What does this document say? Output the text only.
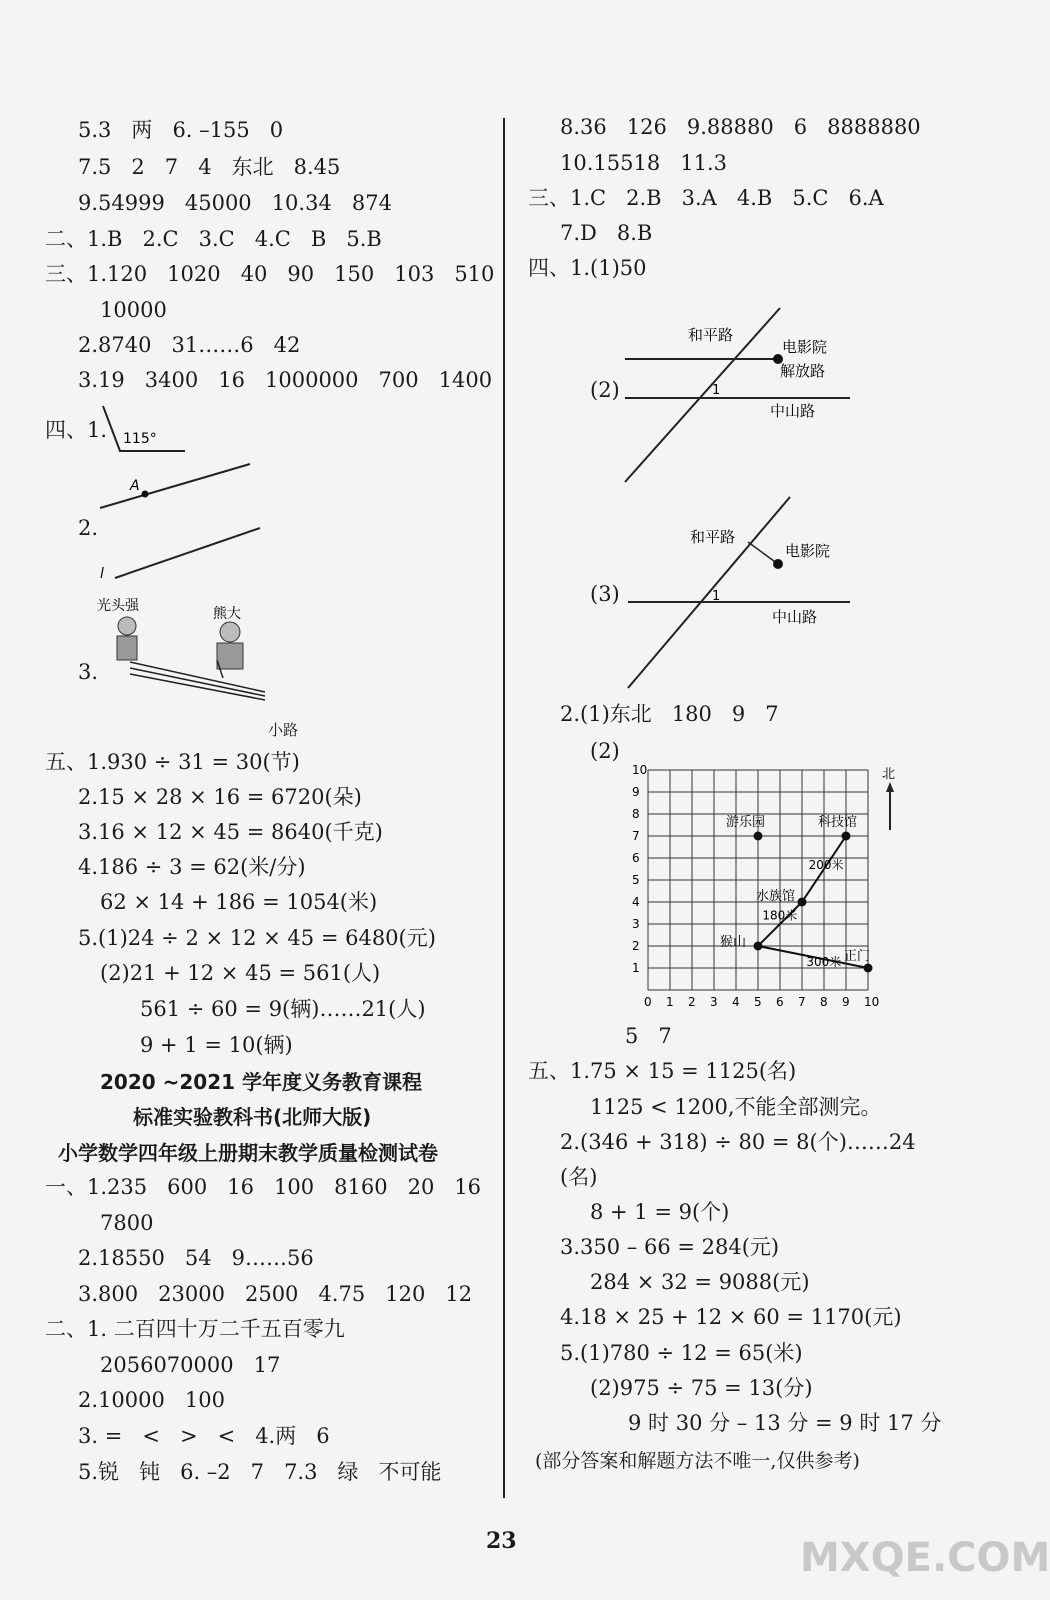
5.3   两   6. –155   0
7.5   2   7   4   东北   8.45
9.54999   45000   10.34   874
二、1.B   2.C   3.C   4.C   B   5.B
三、1.120   1020   40   90   150   103   510
10000
2.8740   31……6   42
3.19   3400   16   1000000   700   1400
四、1. 115°
A
l
光头强	熊大
2.
3.
小路
五、1.930 ÷ 31 = 30(节)
2.15 × 28 × 16 = 6720(朵)
3.16 × 12 × 45 = 8640(千克)
4.186 ÷ 3 = 62(米/分)
62 × 14 + 186 = 1054(米)
5.(1)24 ÷ 2 × 12 × 45 = 6480(元)
(2)21 + 12 × 45 = 561(人)
561 ÷ 60 = 9(辆)……21(人)
9 + 1 = 10(辆)
2020 ~2021 学年度义务教育课程
标准实验教科书(北师大版)
小学数学四年级上册期末教学质量检测试卷
一、1.235   600   16   100   8160   20   16
7800
2.18550   54   9……56
3.800   23000   2500   4.75   120   12
二、1. 二百四十万二千五百零九
2056070000   17
2.10000   100
3. =   <   >   <   4.两   6
5.锐   钝   6. –2   7   7.3   绿   不可能
8.36   126   9.88880   6   8888880
10.15518   11.3
三、1.C   2.B   3.A   4.B   5.C   6.A
7.D   8.B
四、1.(1)50
(2)
和平路
电影院
解放路
中山路
1
(3)
和平路
电影院
中山路
1
2.(1)东北   180   9   7
(2)
北
0 1
1
2
2
3
3
4
4
5
5
6
6
7
7
8
8
9
9
10
10
游乐园	科技馆
水族馆
猴山
正门
200米
180米
300米
5   7
五、1.75 × 15 = 1125(名)
1125 < 1200,不能全部测完。
2.(346 + 318) ÷ 80 = 8(个)……24
(名)
8 + 1 = 9(个)
3.350 – 66 = 284(元)
284 × 32 = 9088(元)
4.18 × 25 + 12 × 60 = 1170(元)
5.(1)780 ÷ 12 = 65(米)
(2)975 ÷ 75 = 13(分)
9 时 30 分 – 13 分 = 9 时 17 分
(部分答案和解题方法不唯一,仅供参考)
23	MXQE.COM
